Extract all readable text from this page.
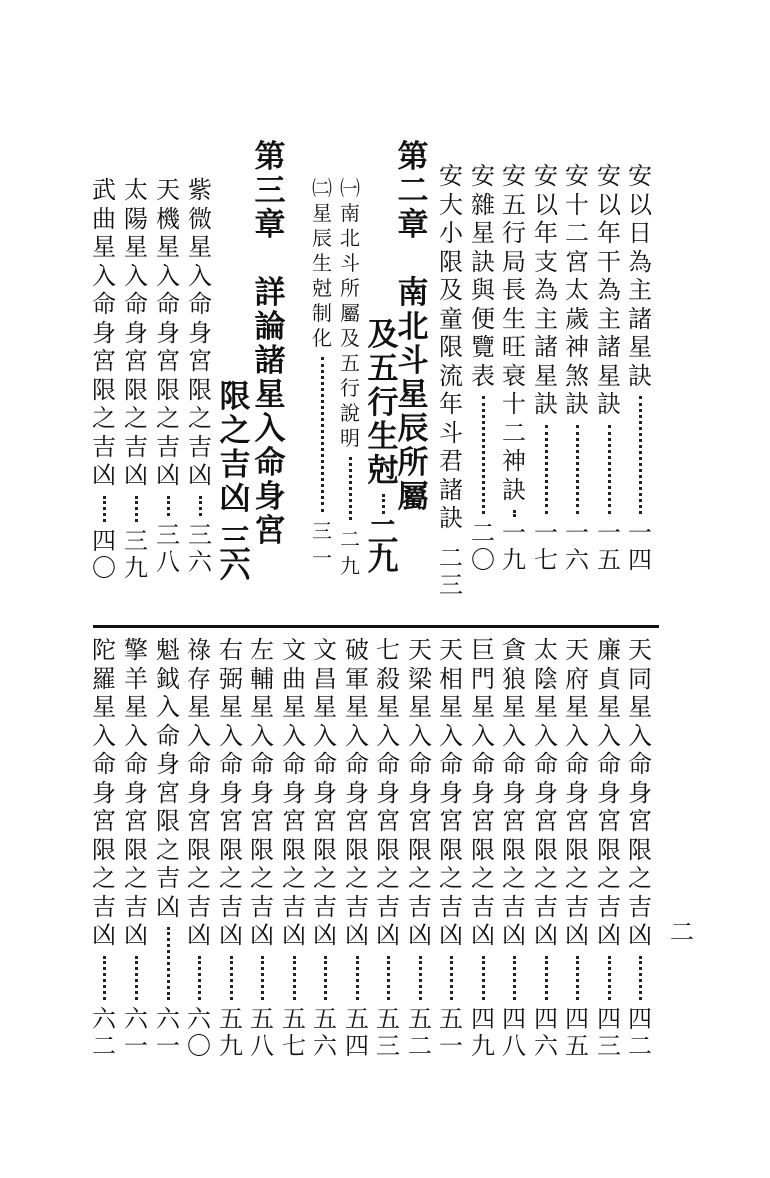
安
以
日
為
主
諸
星
訣
一
四
安
以
年
干
為
主
諸
星
訣
一
五
安
十
二
宮
太
歲
神
煞
訣
一
六
安
以
年
支
為
主
諸
星
訣
一
七
安
五
行
局
長
生
旺
衰
十
二
神
訣
一
九
安
雜
星
訣
與
便
覽
表
二
〇
安
大
小
限
及
童
限
流
年
斗
君
諸
訣
二
三
第
二
章

南
北
斗
星
辰
所
屬
及
五
行
生
尅
二
九
㈠
南
北
斗
所
屬
及
五
行
說
明
二
九
㈡
星
辰
生
尅
制
化
三
一
第
三
章

詳
論
諸
星
入
命
身
宮
限
之
吉
凶
三
六
紫
微
星
入
命
身
宮
限
之
吉
凶
三
六
天
機
星
入
命
身
宮
限
之
吉
凶
三
八
太
陽
星
入
命
身
宮
限
之
吉
凶
三
九
武
曲
星
入
命
身
宮
限
之
吉
凶
四
〇
天
同
星
入
命
身
宮
限
之
吉
凶
四
二
廉
貞
星
入
命
身
宮
限
之
吉
凶
四
三
天
府
星
入
命
身
宮
限
之
吉
凶
四
五
太
陰
星
入
命
身
宮
限
之
吉
凶
四
六
貪
狼
星
入
命
身
宮
限
之
吉
凶
四
八
巨
門
星
入
命
身
宮
限
之
吉
凶
四
九
天
相
星
入
命
身
宮
限
之
吉
凶
五
一
天
梁
星
入
命
身
宮
限
之
吉
凶
五
二
七
殺
星
入
命
身
宮
限
之
吉
凶
五
三
破
軍
星
入
命
身
宮
限
之
吉
凶
五
四
文
昌
星
入
命
身
宮
限
之
吉
凶
五
六
文
曲
星
入
命
身
宮
限
之
吉
凶
五
七
左
輔
星
入
命
身
宮
限
之
吉
凶
五
八
右
弼
星
入
命
身
宮
限
之
吉
凶
五
九
祿
存
星
入
命
身
宮
限
之
吉
凶
六
〇
魁
鉞
入
命
身
宮
限
之
吉
凶
六
一
擎
羊
星
入
命
身
宮
限
之
吉
凶
六
一
陀
羅
星
入
命
身
宮
限
之
吉
凶
六
二
二
